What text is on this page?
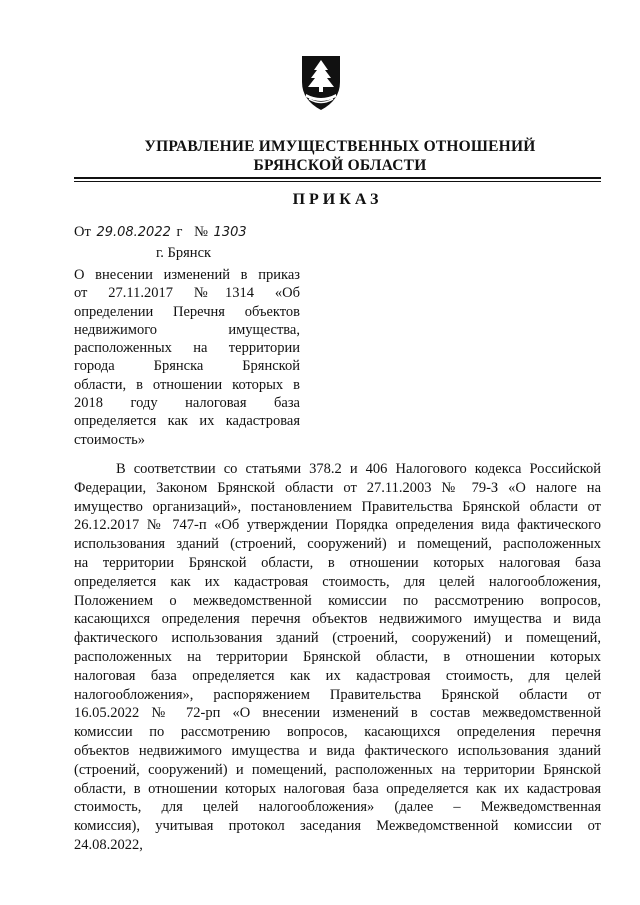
УПРАВЛЕНИЕ ИМУЩЕСТВЕННЫХ ОТНОШЕНИЙ
БРЯНСКОЙ ОБЛАСТИ
ПРИКАЗ
От 29.08.2022 г № 1303
г. Брянск
О внесении изменений в приказ
от 27.11.2017 №1314 «Об
определении Перечня объектов
недвижимого имущества,
расположенных на территории
города Брянска Брянской
области, в отношении которых в
2018 году налоговая база
определяется как их кадастровая
стоимость»
В соответствии со статьями 378.2 и 406 Налогового кодекса Российской
Федерации, Законом Брянской области от 27.11.2003 № 79-З «О налоге на
имущество организаций», постановлением Правительства Брянской области от
26.12.2017 № 747-п «Об утверждении Порядка определения вида фактического
использования зданий (строений, сооружений) и помещений, расположенных
на территории Брянской области, в отношении которых налоговая база
определяется как их кадастровая стоимость, для целей налогообложения,
Положением о межведомственной комиссии по рассмотрению вопросов,
касающихся определения перечня объектов недвижимого имущества и вида
фактического использования зданий (строений, сооружений) и помещений,
расположенных на территории Брянской области, в отношении которых
налоговая база определяется как их кадастровая стоимость, для целей
налогообложения», распоряжением Правительства Брянской области от
16.05.2022 № 72-рп «О внесении изменений в состав межведомственной
комиссии по рассмотрению вопросов, касающихся определения перечня
объектов недвижимого имущества и вида фактического использования зданий
(строений, сооружений) и помещений, расположенных на территории Брянской
области, в отношении которых налоговая база определяется как их кадастровая
стоимость, для целей налогообложения» (далее – Межведомственная
комиссия), учитывая протокол заседания Межведомственной комиссии от
24.08.2022,
